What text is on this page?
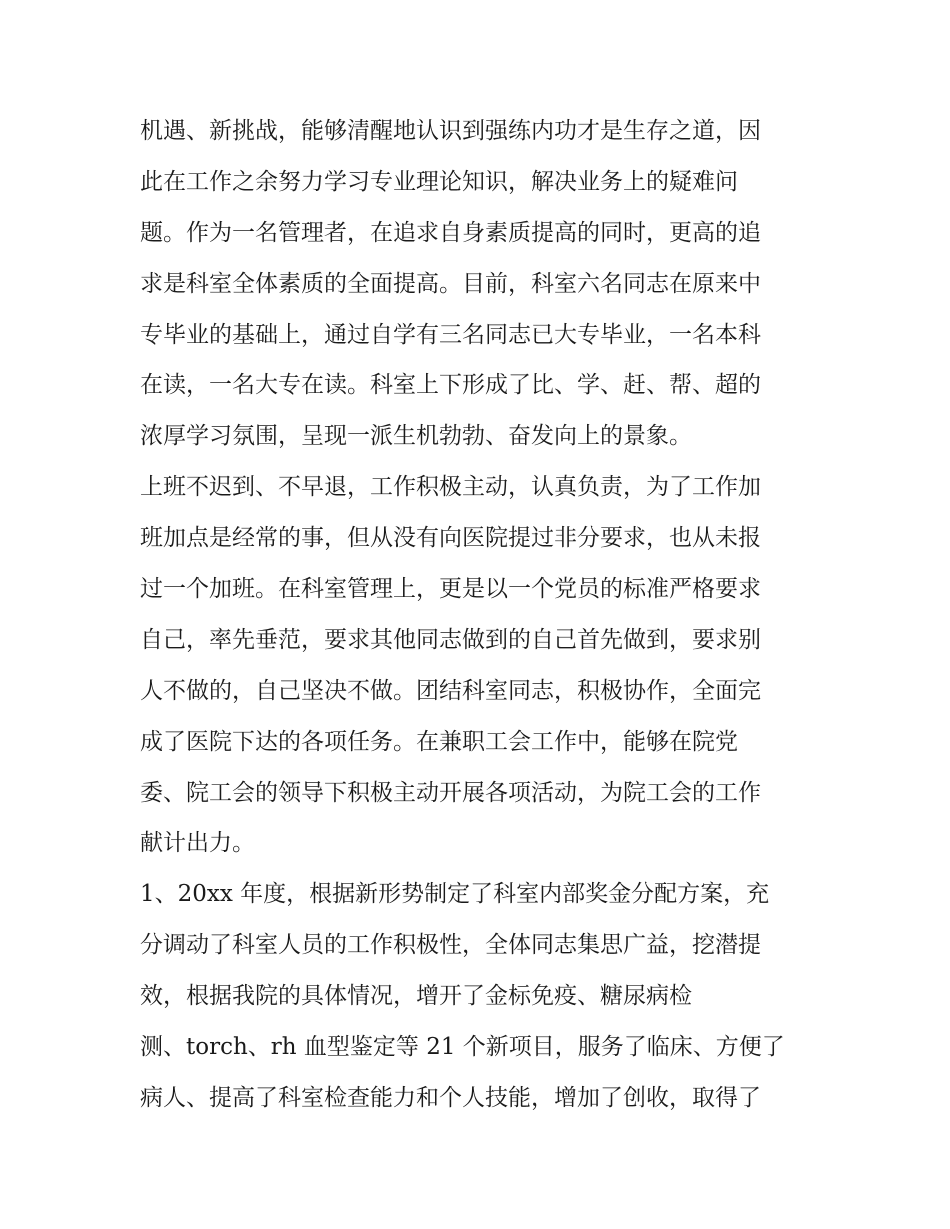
机遇、新挑战，能够清醒地认识到强练内功才是生存之道，因
此在工作之余努力学习专业理论知识，解决业务上的疑难问
题。作为一名管理者，在追求自身素质提高的同时，更高的追
求是科室全体素质的全面提高。目前，科室六名同志在原来中
专毕业的基础上，通过自学有三名同志已大专毕业，一名本科
在读，一名大专在读。科室上下形成了比、学、赶、帮、超的
浓厚学习氛围，呈现一派生机勃勃、奋发向上的景象。
上班不迟到、不早退，工作积极主动，认真负责，为了工作加
班加点是经常的事，但从没有向医院提过非分要求，也从未报
过一个加班。在科室管理上，更是以一个党员的标准严格要求
自己，率先垂范，要求其他同志做到的自己首先做到，要求别
人不做的，自己坚决不做。团结科室同志，积极协作，全面完
成了医院下达的各项任务。在兼职工会工作中，能够在院党
委、院工会的领导下积极主动开展各项活动，为院工会的工作
献计出力。
1、20xx 年度，根据新形势制定了科室内部奖金分配方案，充
分调动了科室人员的工作积极性，全体同志集思广益，挖潜提
效，根据我院的具体情况，增开了金标免疫、糖尿病检
测、torch、rh 血型鉴定等 21 个新项目，服务了临床、方便了
病人、提高了科室检查能力和个人技能，增加了创收，取得了
